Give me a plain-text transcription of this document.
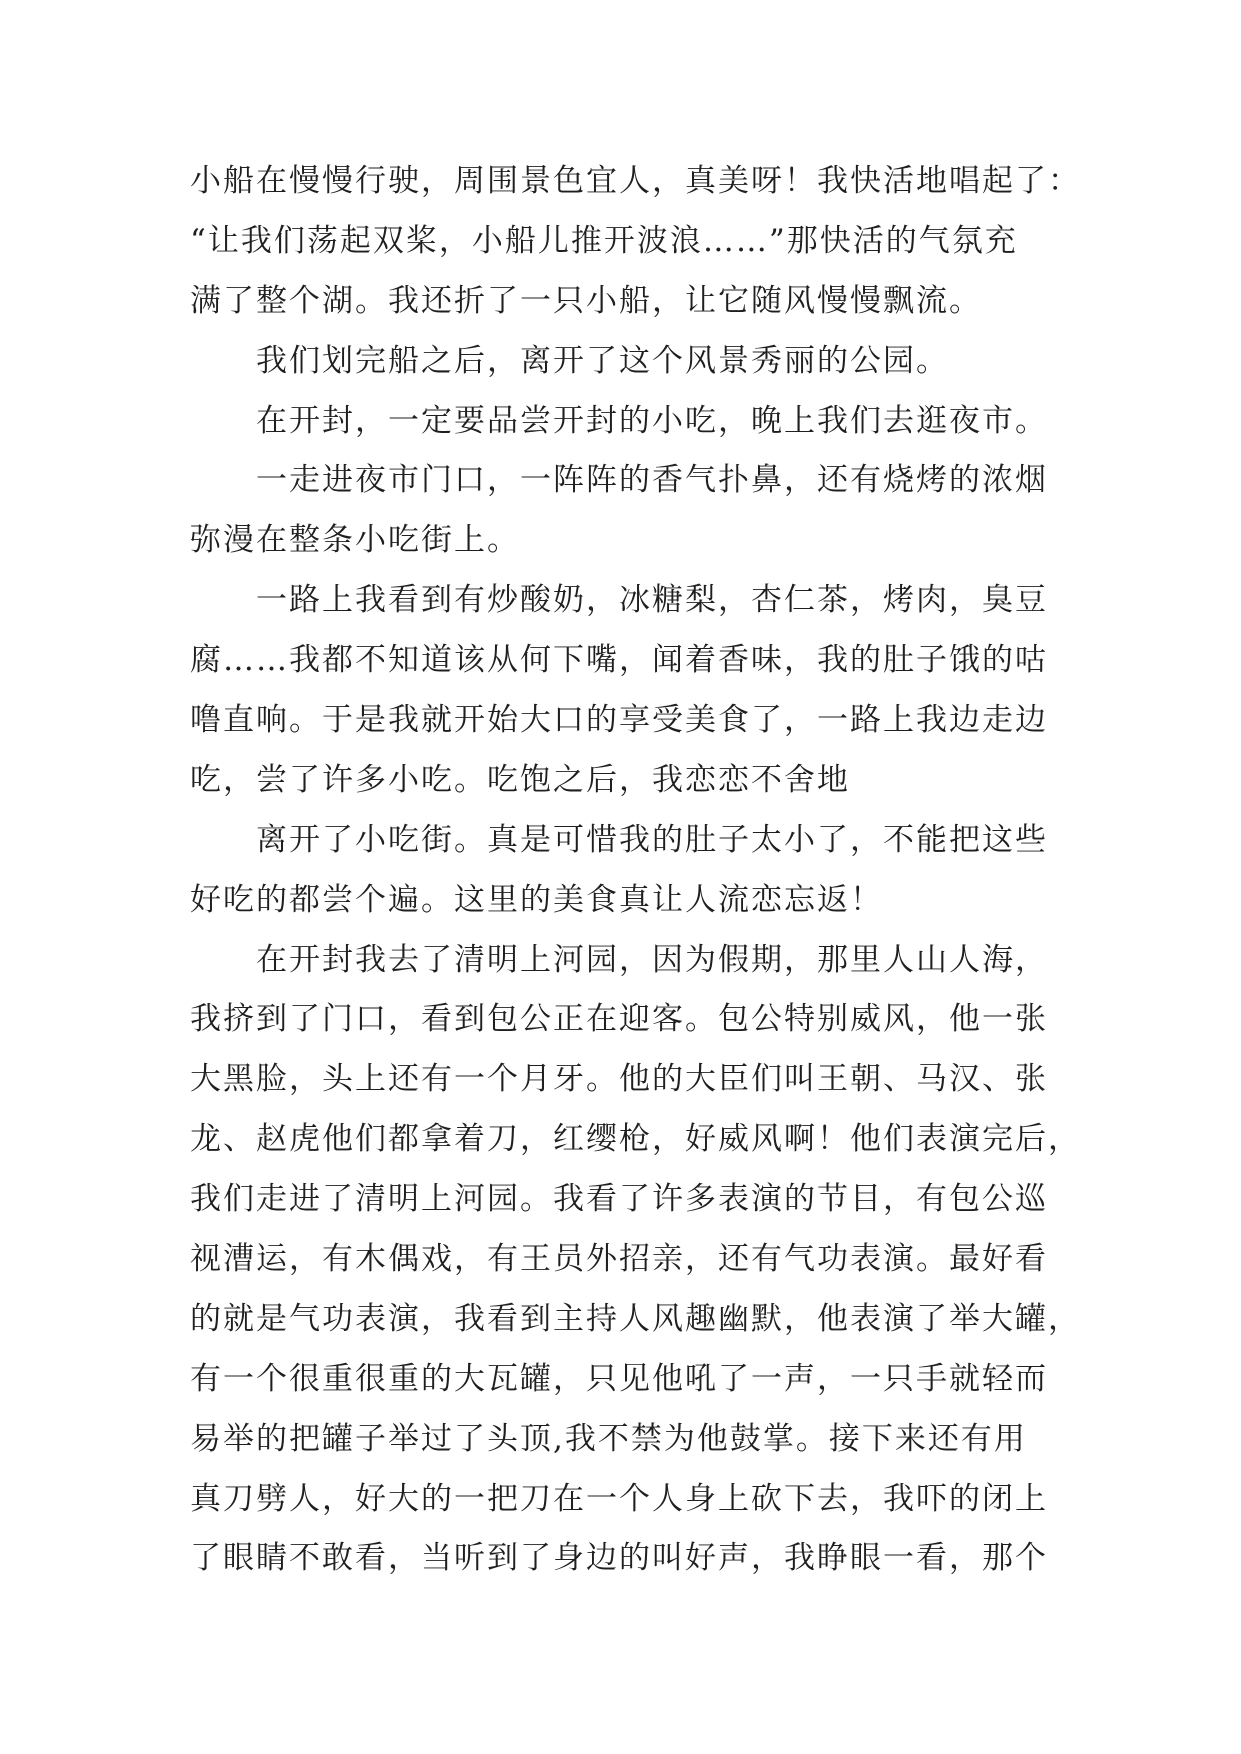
小船在慢慢行驶，周围景色宜人，真美呀！我快活地唱起了：
“让我们荡起双桨，小船儿推开波浪……”那快活的气氛充
满了整个湖。我还折了一只小船，让它随风慢慢飘流。
我们划完船之后，离开了这个风景秀丽的公园。
在开封，一定要品尝开封的小吃，晚上我们去逛夜市。
一走进夜市门口，一阵阵的香气扑鼻，还有烧烤的浓烟
弥漫在整条小吃街上。
一路上我看到有炒酸奶，冰糖梨，杏仁茶，烤肉，臭豆
腐……我都不知道该从何下嘴，闻着香味，我的肚子饿的咕
噜直响。于是我就开始大口的享受美食了，一路上我边走边
吃，尝了许多小吃。吃饱之后，我恋恋不舍地
离开了小吃街。真是可惜我的肚子太小了，不能把这些
好吃的都尝个遍。这里的美食真让人流恋忘返！
在开封我去了清明上河园，因为假期，那里人山人海，
我挤到了门口，看到包公正在迎客。包公特别威风，他一张
大黑脸，头上还有一个月牙。他的大臣们叫王朝、马汉、张
龙、赵虎他们都拿着刀，红缨枪，好威风啊！他们表演完后，
我们走进了清明上河园。我看了许多表演的节目，有包公巡
视漕运，有木偶戏，有王员外招亲，还有气功表演。最好看
的就是气功表演，我看到主持人风趣幽默，他表演了举大罐，
有一个很重很重的大瓦罐，只见他吼了一声，一只手就轻而
易举的把罐子举过了头顶,我不禁为他鼓掌。接下来还有用
真刀劈人，好大的一把刀在一个人身上砍下去，我吓的闭上
了眼睛不敢看，当听到了身边的叫好声，我睁眼一看，那个
